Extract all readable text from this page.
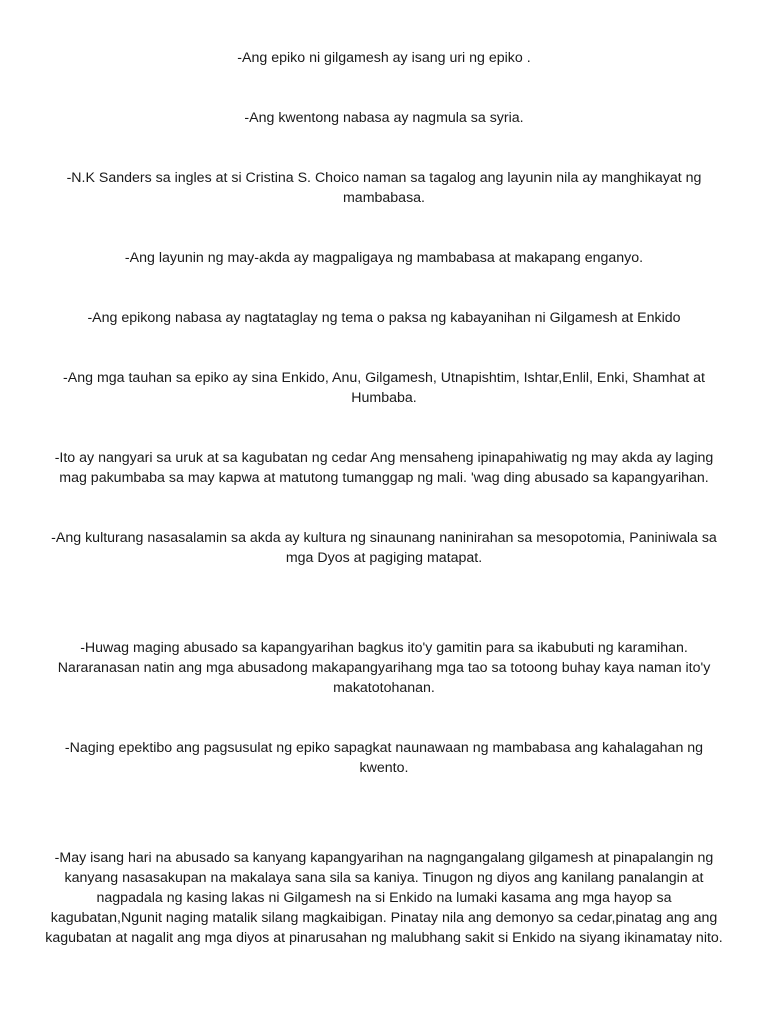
-Ang epiko ni gilgamesh ay isang uri ng epiko .

-Ang kwentong nabasa ay nagmula sa syria.

-N.K Sanders sa ingles at si Cristina S. Choico naman sa tagalog ang layunin nila ay manghikayat ng mambabasa.

-Ang layunin ng may-akda ay magpaligaya ng mambabasa at makapang enganyo.

-Ang epikong nabasa ay nagtataglay ng tema o paksa ng kabayanihan ni Gilgamesh at Enkido

-Ang mga tauhan sa epiko ay sina Enkido, Anu, Gilgamesh, Utnapishtim, Ishtar,Enlil, Enki, Shamhat at Humbaba.

-Ito ay nangyari sa uruk at sa kagubatan ng cedar Ang mensaheng ipinapahiwatig ng may akda ay laging mag pakumbaba sa may kapwa at matutong tumanggap ng mali. 'wag ding abusado sa kapangyarihan.

-Ang kulturang nasasalamin sa akda ay kultura ng sinaunang naninirahan sa mesopotomia, Paniniwala sa mga Dyos at pagiging matapat.

-Huwag maging abusado sa kapangyarihan bagkus ito'y gamitin para sa ikabubuti ng karamihan. Nararanasan natin ang mga abusadong makapangyarihang mga tao sa totoong buhay kaya naman ito'y makatotohanan.

-Naging epektibo ang pagsusulat ng epiko sapagkat naunawaan ng mambabasa ang kahalagahan ng kwento.

-May isang hari na abusado sa kanyang kapangyarihan na nagngangalang gilgamesh at pinapalangin ng kanyang nasasakupan na makalaya sana sila sa kaniya. Tinugon ng diyos ang kanilang panalangin at nagpadala ng kasing lakas ni Gilgamesh na si Enkido na lumaki kasama ang mga hayop sa kagubatan,Ngunit naging matalik silang magkaibigan. Pinatay nila ang demonyo sa cedar,pinatag ang ang kagubatan at nagalit ang mga diyos at pinarusahan ng malubhang sakit si Enkido na siyang ikinamatay nito.
